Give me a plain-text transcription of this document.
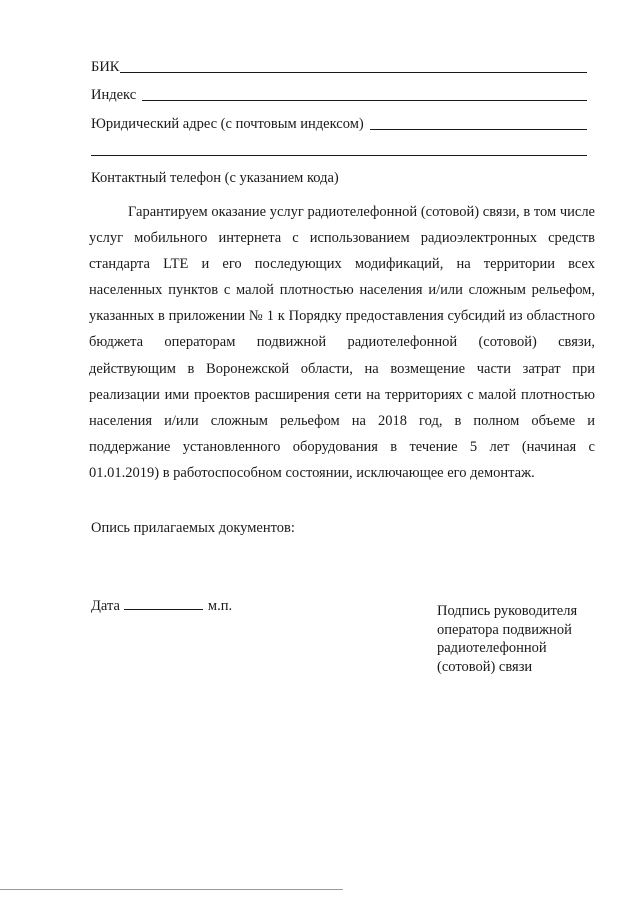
БИК
Индекс
Юридический адрес (с почтовым индексом)
Контактный телефон (с указанием кода)

Гарантируем оказание услуг радиотелефонной (сотовой) связи, в том числе услуг мобильного интернета с использованием радиоэлектронных средств стандарта LTE и его последующих модификаций, на территории всех населенных пунктов с малой плотностью населения и/или сложным рельефом, указанных в приложении № 1 к Порядку предоставления субсидий из областного бюджета операторам подвижной радиотелефонной (сотовой) связи, действующим в Воронежской области, на возмещение части затрат при реализации ими проектов расширения сети на территориях с малой плотностью населения и/или сложным рельефом на 2018 год, в полном объеме и поддержание установленного оборудования в течение 5 лет (начиная с 01.01.2019) в работоспособном состоянии, исключающее его демонтаж.

Опись прилагаемых документов:
Дата	м.п.	Подпись руководителя
оператора подвижной
радиотелефонной
(сотовой) связи
